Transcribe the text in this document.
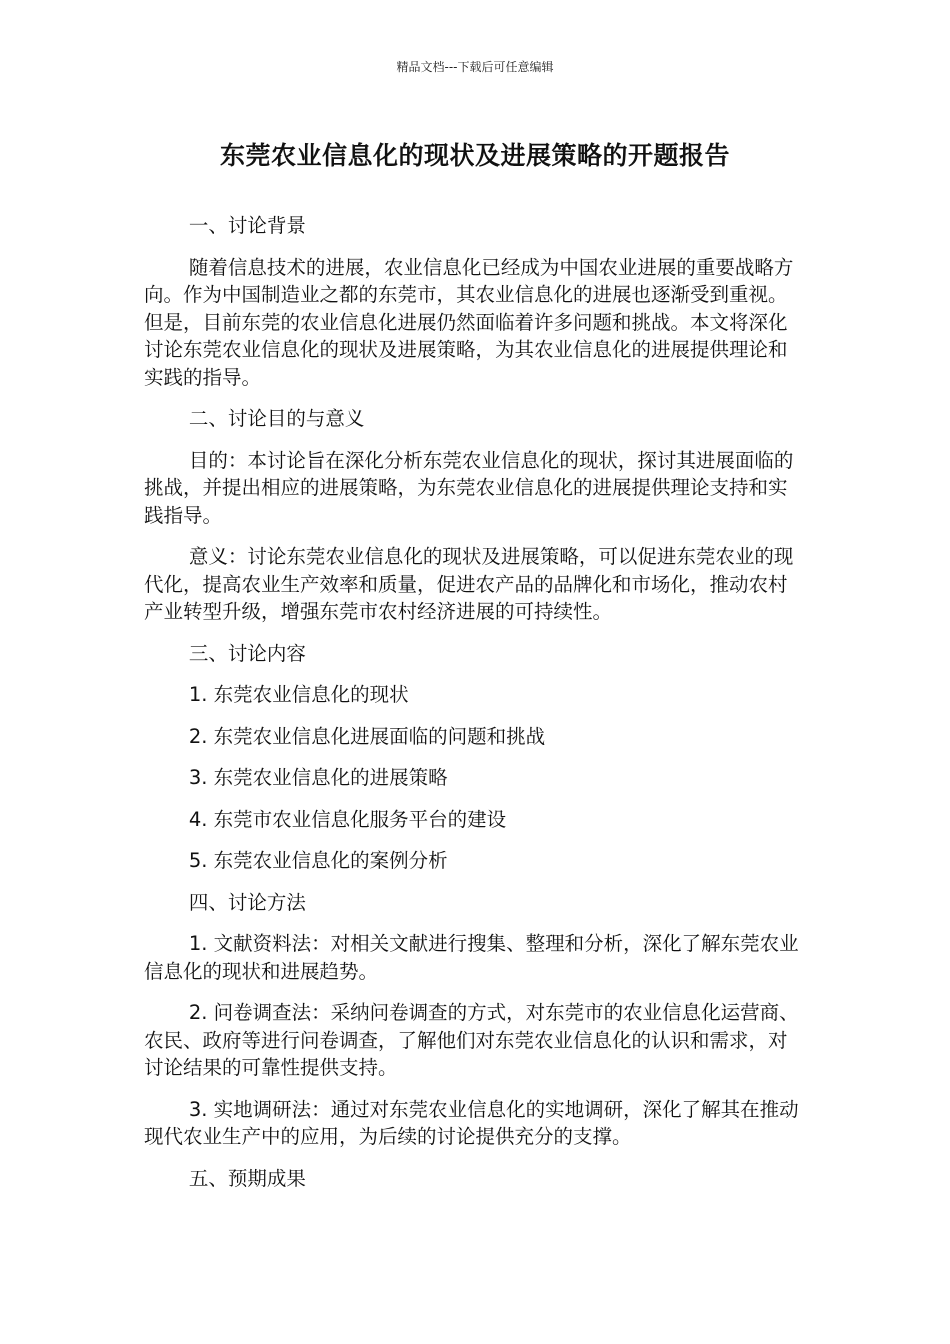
精品文档---下载后可任意编辑
东莞农业信息化的现状及进展策略的开题报告

一、讨论背景

随着信息技术的进展，农业信息化已经成为中国农业进展的重要战略方向。作为中国制造业之都的东莞市，其农业信息化的进展也逐渐受到重视。但是，目前东莞的农业信息化进展仍然面临着许多问题和挑战。本文将深化讨论东莞农业信息化的现状及进展策略，为其农业信息化的进展提供理论和实践的指导。

二、讨论目的与意义

目的：本讨论旨在深化分析东莞农业信息化的现状，探讨其进展面临的挑战，并提出相应的进展策略，为东莞农业信息化的进展提供理论支持和实践指导。

意义：讨论东莞农业信息化的现状及进展策略，可以促进东莞农业的现代化，提高农业生产效率和质量，促进农产品的品牌化和市场化，推动农村产业转型升级，增强东莞市农村经济进展的可持续性。

三、讨论内容

1. 东莞农业信息化的现状

2. 东莞农业信息化进展面临的问题和挑战

3. 东莞农业信息化的进展策略

4. 东莞市农业信息化服务平台的建设

5. 东莞农业信息化的案例分析

四、讨论方法

1. 文献资料法：对相关文献进行搜集、整理和分析，深化了解东莞农业信息化的现状和进展趋势。

2. 问卷调查法：采纳问卷调查的方式，对东莞市的农业信息化运营商、农民、政府等进行问卷调查，了解他们对东莞农业信息化的认识和需求，对讨论结果的可靠性提供支持。

3. 实地调研法：通过对东莞农业信息化的实地调研，深化了解其在推动现代农业生产中的应用，为后续的讨论提供充分的支撑。

五、预期成果
